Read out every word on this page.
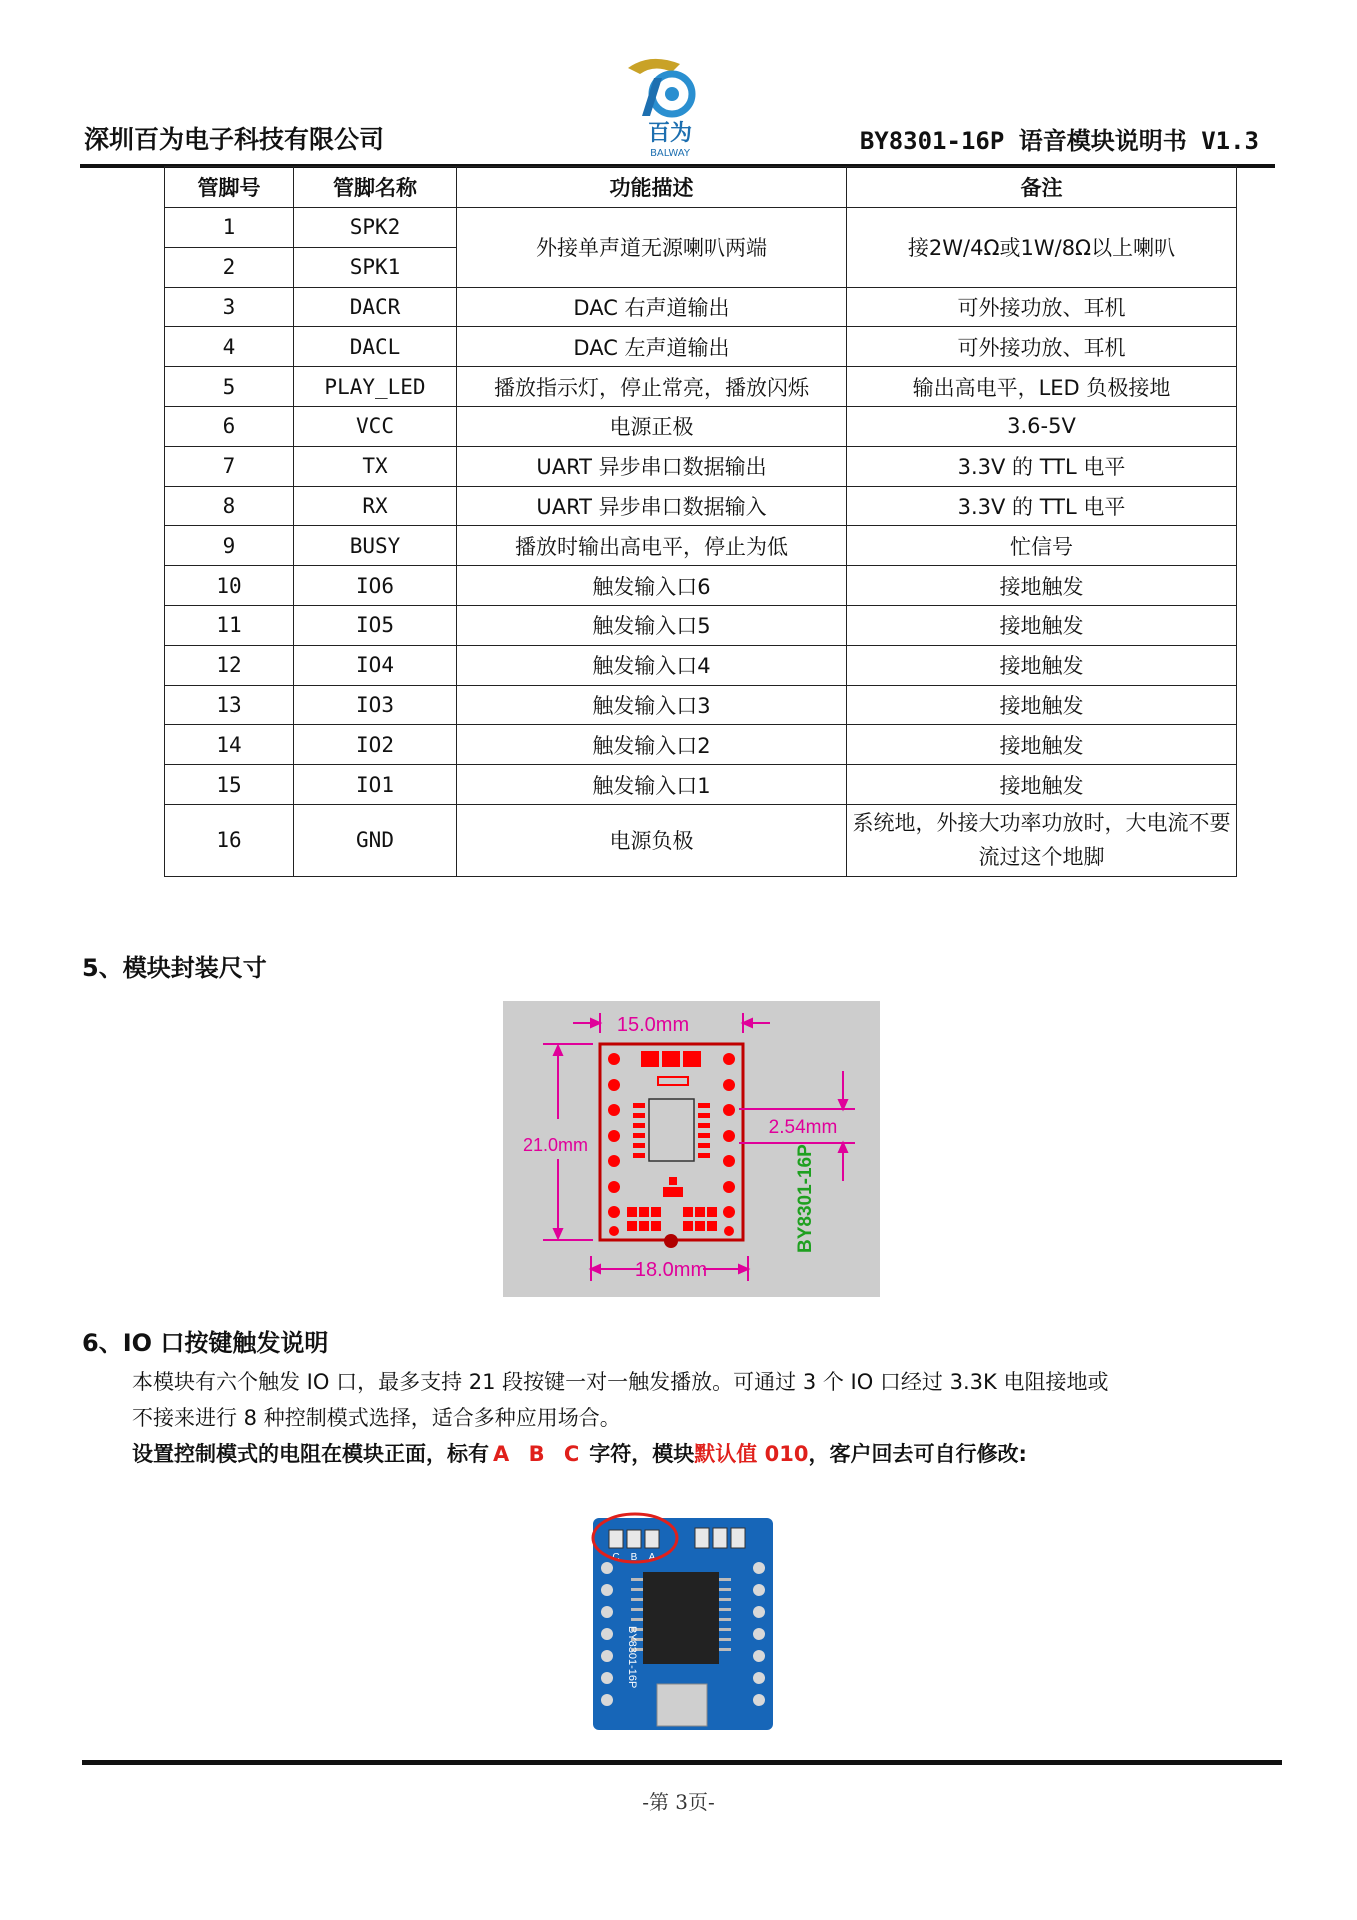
百为
BALWAY
深圳百为电子科技有限公司	BY8301-16P 语音模块说明书 V1.3
管脚号	管脚名称	功能描述	备注
1	SPK2	外接单声道无源喇叭两端	接2W/4Ω或1W/8Ω以上喇叭
2	SPK1		
3	DACR	DAC 右声道输出	可外接功放、耳机
4	DACL	DAC 左声道输出	可外接功放、耳机
5	PLAY_LED	播放指示灯，停止常亮，播放闪烁	输出高电平，LED 负极接地
6	VCC	电源正极	3.6-5V
7	TX	UART 异步串口数据输出	3.3V 的 TTL 电平
8	RX	UART 异步串口数据输入	3.3V 的 TTL 电平
9	BUSY	播放时输出高电平，停止为低	忙信号
10	IO6	触发输入口6	接地触发
11	IO5	触发输入口5	接地触发
12	IO4	触发输入口4	接地触发
13	IO3	触发输入口3	接地触发
14	IO2	触发输入口2	接地触发
15	IO1	触发输入口1	接地触发
16	GND	电源负极	系统地，外接大功率功放时，大电流不要流过这个地脚
5、模块封装尺寸
15.0mm
21.0mm
2.54mm
18.0mm
BY8301-16P
6、IO 口按键触发说明
本模块有六个触发 IO 口，最多支持 21 段按键一对一触发播放。可通过 3 个 IO 口经过 3.3K 电阻接地或
不接来进行 8 种控制模式选择，适合多种应用场合。
设置控制模式的电阻在模块正面，标有 A B C 字符，模块默认值 010，客户回去可自行修改:
C B A
BY8301-16P
-第 3页-
